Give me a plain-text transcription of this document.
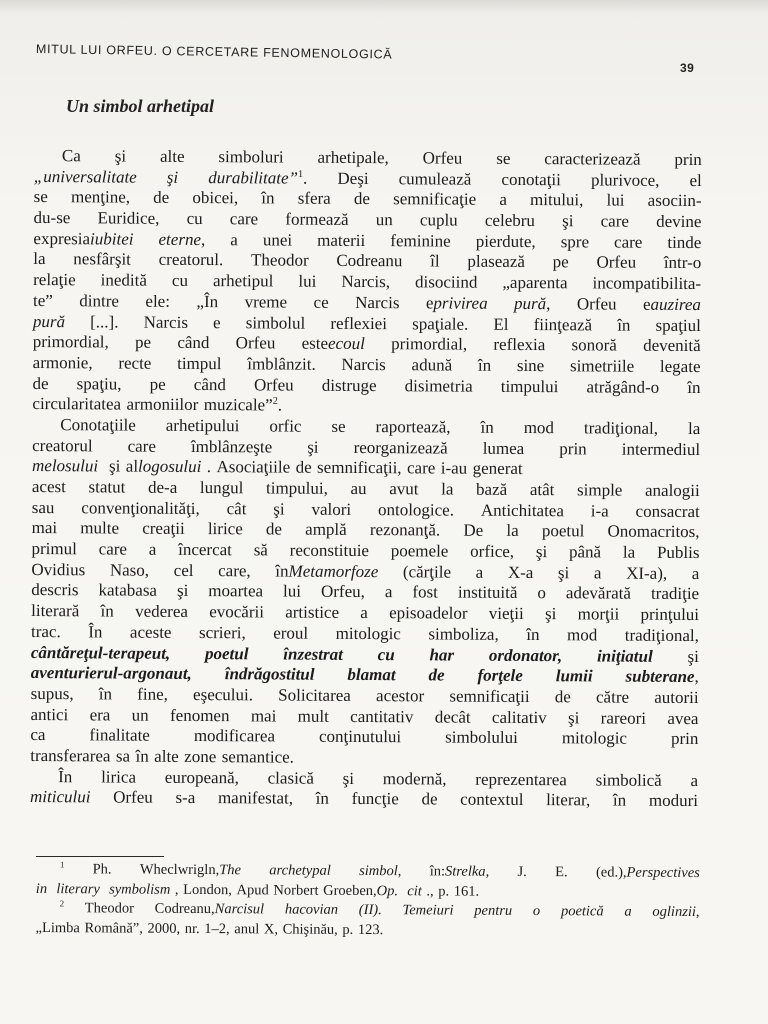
MITUL LUI ORFEU. O CERCETARE FENOMENOLOGICĂ
39
Un simbol arhetipal
Ca şi alte simboluri arhetipale, Orfeu se caracterizează prin
„universalitate şi durabilitate”$^1$. Deşi cumulează conotaţii plurivoce, el
se menţine, de obicei, în sfera de semnificaţie a mitului, lui asociin-
du-se Euridice, cu care formează un cuplu celebru şi care devine
expresiaiubitei eterne, a unei materii feminine pierdute, spre care tinde
la nesfârşit creatorul. Theodor Codreanu îl plasează pe Orfeu într-o
relaţie inedită cu arhetipul lui Narcis, disociind „aparenta incompatibilita-
te” dintre ele: „În vreme ce Narcis eprivirea pură, Orfeu eauzirea
pură [...]. Narcis e simbolul reflexiei spaţiale. El fiinţează în spaţiul
primordial, pe când Orfeu esteecoul primordial, reflexia sonoră devenită
armonie, recte timpul îmblânzit. Narcis adună în sine simetriile legate
de spaţiu, pe când Orfeu distruge disimetria timpului atrăgând-o în
circularitatea armoniilor muzicale”$^2$.
Conotaţiile arhetipului orfic se raportează, în mod tradiţional, la
creatorul care îmblânzeşte şi reorganizează lumea prin intermediul
melosului şi allogosului . Asociaţiile de semnificaţii, care i-au generat
acest statut de-a lungul timpului, au avut la bază atât simple analogii
sau convenţionalităţi, cât şi valori ontologice. Antichitatea i-a consacrat
mai multe creaţii lirice de amplă rezonanţă. De la poetul Onomacritos,
primul care a încercat să reconstituie poemele orfice, şi până la Publis
Ovidius Naso, cel care, înMetamorfoze (cărţile a X-a şi a XI-a), a
descris katabasa şi moartea lui Orfeu, a fost instituită o adevărată tradiţie
literară în vederea evocării artistice a episoadelor vieţii şi morţii prinţului
trac. În aceste scrieri, eroul mitologic simboliza, în mod tradiţional,
cântăreţul-terapeut, poetul înzestrat cu har ordonator, iniţiatul şi
aventurierul-argonaut, îndrăgostitul blamat de forţele lumii subterane,
supus, în fine, eşecului. Solicitarea acestor semnificaţii de către autorii
antici era un fenomen mai mult cantitativ decât calitativ şi rareori avea
ca	finalitate	modificarea	conţinutului	simbolului	mitologic	prin
transferarea sa în alte zone semantice.
În lirica europeană, clasică şi modernă, reprezentarea simbolică a
miticului Orfeu s-a manifestat, în funcţie de contextul literar, în moduri
$^1$ Ph. Wheclwrigln,The archetypal simbol, în:Strelka, J. E. (ed.),Perspectives
in literary symbolism , London, Apud Norbert Groeben,Op. cit ., p. 161.
$^2$ Theodor Codreanu,Narcisul hacovian (II). Temeiuri pentru o poetică a oglinzii,
„Limba Română”, 2000, nr. 1–2, anul X, Chişinău, p. 123.
